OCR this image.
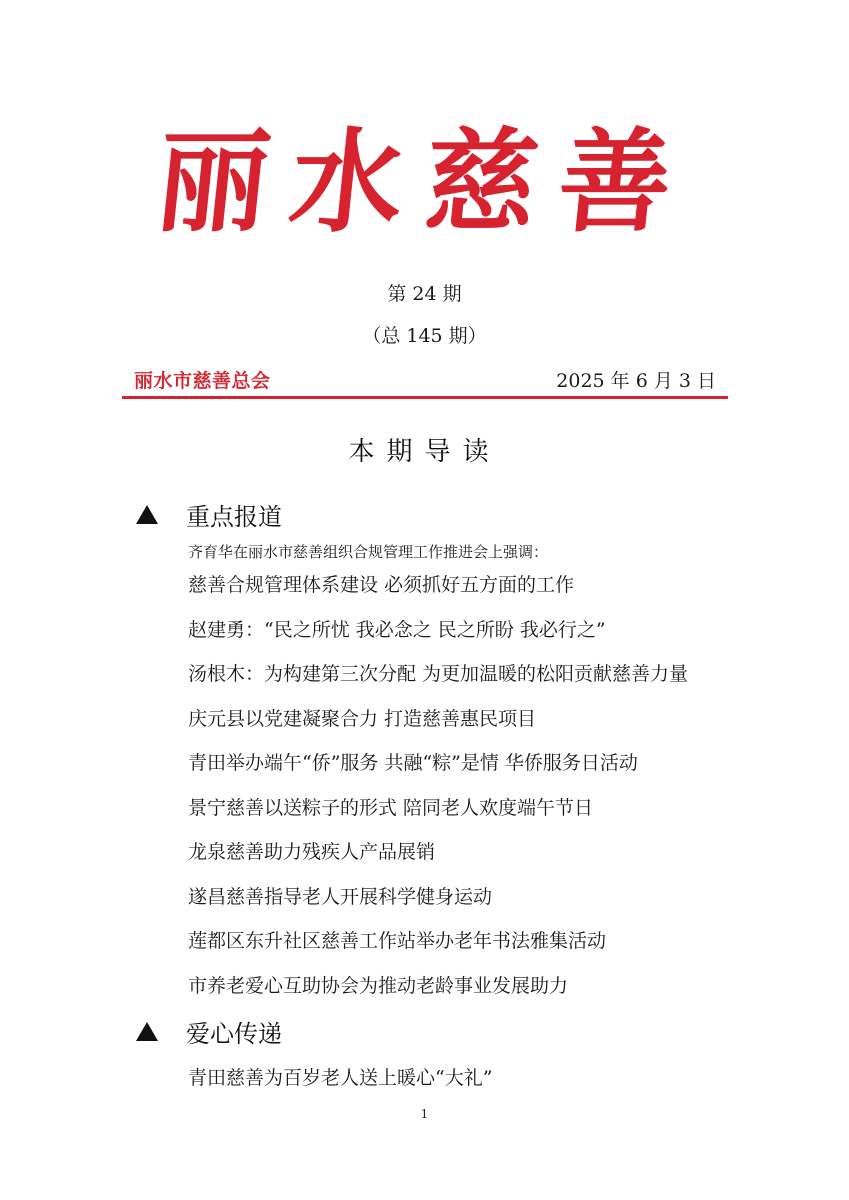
丽水慈善
第 24 期
（总 145 期）
丽水市慈善总会	2025 年 6 月 3 日
本期导读
重点报道
齐育华在丽水市慈善组织合规管理工作推进会上强调：
慈善合规管理体系建设 必须抓好五方面的工作
赵建勇：“民之所忧 我必念之 民之所盼 我必行之”
汤根木：为构建第三次分配 为更加温暖的松阳贡献慈善力量
庆元县以党建凝聚合力 打造慈善惠民项目
青田举办端午“侨”服务 共融“粽”是情 华侨服务日活动
景宁慈善以送粽子的形式 陪同老人欢度端午节日
龙泉慈善助力残疾人产品展销
遂昌慈善指导老人开展科学健身运动
莲都区东升社区慈善工作站举办老年书法雅集活动
市养老爱心互助协会为推动老龄事业发展助力
爱心传递
青田慈善为百岁老人送上暖心“大礼”
1
